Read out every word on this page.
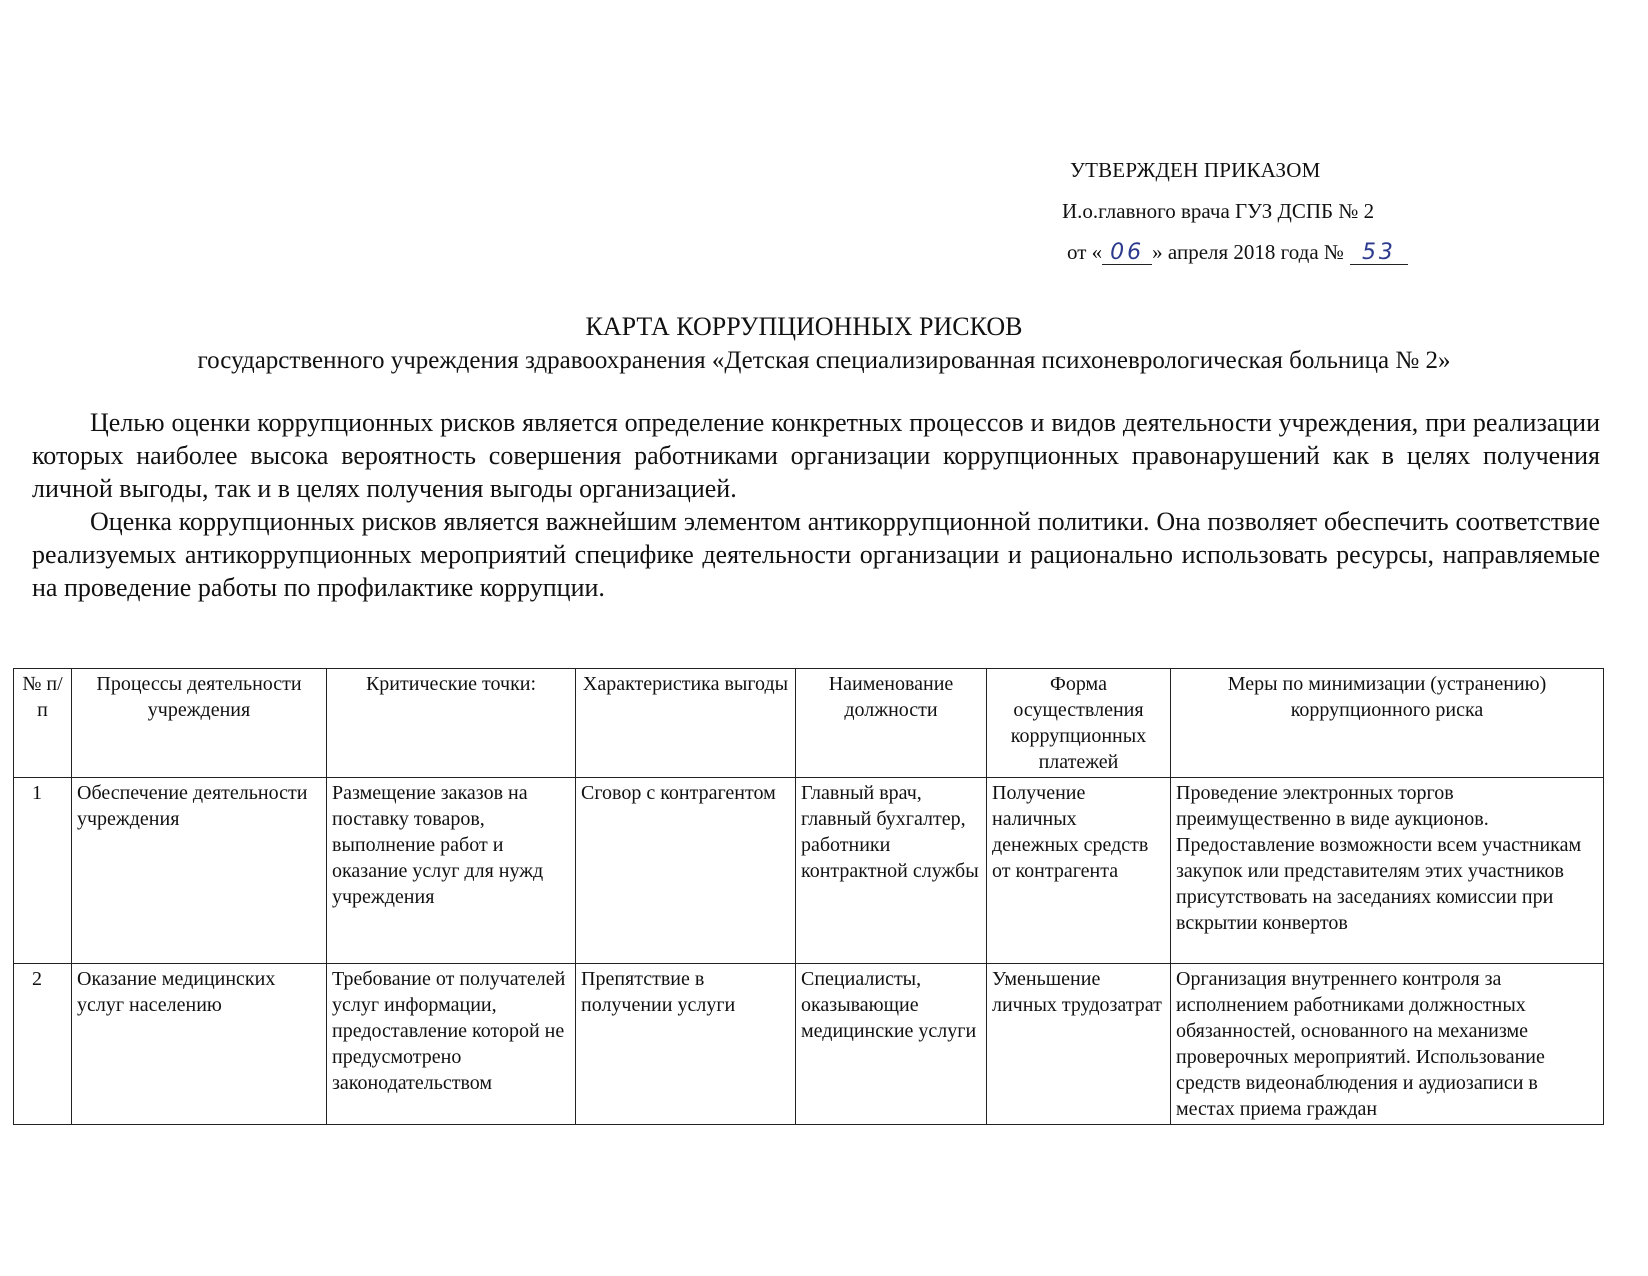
УТВЕРЖДЕН ПРИКАЗОМ
И.о.главного врача ГУЗ ДСПБ № 2
от « 06 » апреля 2018 года № 53
КАРТА КОРРУПЦИОННЫХ РИСКОВ
государственного учреждения здравоохранения «Детская специализированная психоневрологическая больница № 2»

Целью оценки коррупционных рисков является определение конкретных процессов и видов деятельности учреждения, при реализации которых наиболее высока вероятность совершения работниками организации коррупционных правонарушений как в целях получения личной выгоды, так и в целях получения выгоды организацией.

Оценка коррупционных рисков является важнейшим элементом антикоррупционной политики. Она позволяет обеспечить соответствие реализуемых антикоррупционных мероприятий специфике деятельности организации и рационально использовать ресурсы, направляемые на проведение работы по профилактике коррупции.

№ п/п	Процессы деятельности учреждения	Критические точки:	Характеристика выгоды	Наименование должности	Форма осуществления коррупционных платежей	Меры по минимизации (устранению) коррупционного риска
1	Обеспечение деятельности учреждения	Размещение заказов на поставку товаров, выполнение работ и оказание услуг для нужд учреждения	Сговор с контрагентом	Главный врач, главный бухгалтер, работники контрактной службы	Получение наличных денежных средств от контрагента	Проведение электронных торгов преимущественно в виде аукционов. Предоставление возможности всем участникам закупок или представителям этих участников присутствовать на заседаниях комиссии при вскрытии конвертов
2	Оказание медицинских услуг населению	Требование от получателей услуг информации, предоставление которой не предусмотрено законодательством	Препятствие в получении услуги	Специалисты, оказывающие медицинские услуги	Уменьшение личных трудозатрат	Организация внутреннего контроля за исполнением работниками должностных обязанностей, основанного на механизме проверочных мероприятий. Использование средств видеонаблюдения и аудиозаписи в местах приема граждан
